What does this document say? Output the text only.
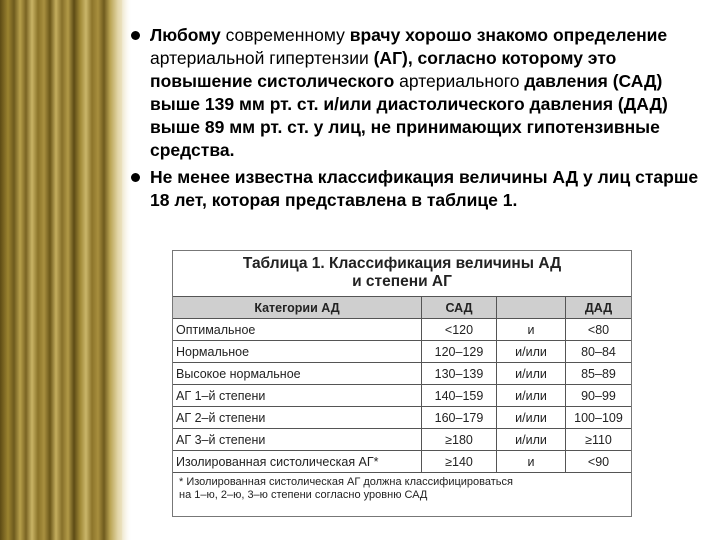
Любому современному врачу хорошо знакомо определение артериальной гипертензии (АГ), согласно которому это повышение систолического артериального давления (САД) выше 139 мм рт. ст. и/или диастолического давления (ДАД) выше 89 мм рт. ст. у лиц, не принимающих гипотензивные средства.
Не менее известна классификация величины АД у лиц старше 18 лет, которая представлена в таблице 1.
Таблица 1. Классификация величины АД
и степени АГ
Категории АД	САД		ДАД
Оптимальное	<120	и	<80
Нормальное	120–129	и/или	80–84
Высокое нормальное	130–139	и/или	85–89
АГ 1–й степени	140–159	и/или	90–99
АГ 2–й степени	160–179	и/или	100–109
АГ 3–й степени	≥180	и/или	≥110
Изолированная систолическая АГ*	≥140	и	<90
* Изолированная систолическая АГ должна классифицироваться
на 1–ю, 2–ю, 3–ю степени согласно уровню САД
